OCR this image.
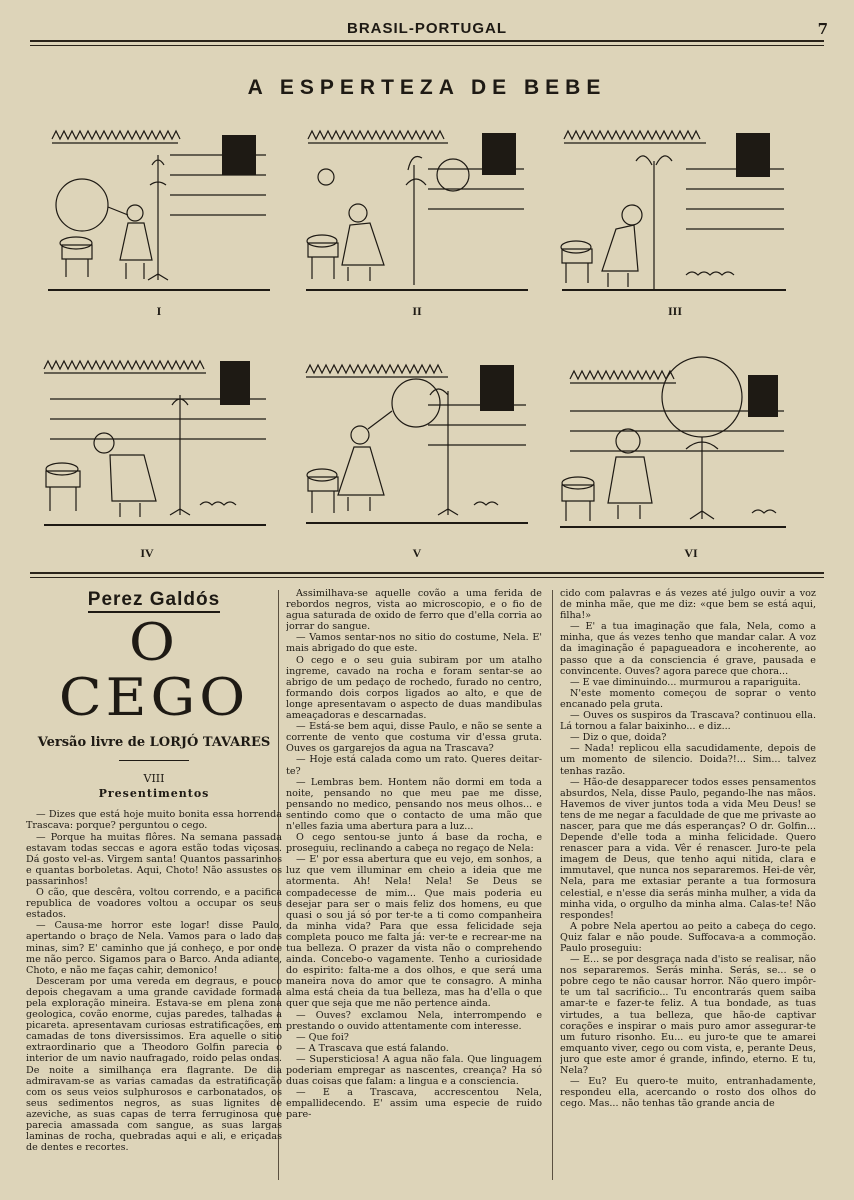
BRASIL-PORTUGAL	7
A ESPERTEZA DE BEBE
I	II	III
IV	V	VI
Perez Galdós
O CEGO
Versão livre de LORJÓ TAVARES
VIII
Presentimentos

— Dizes que está hoje muito bonita essa horrenda Trascava: porque? perguntou o cego.

— Porque ha muitas flôres. Na semana passada estavam todas seccas e agora estão todas viçosas. Dá gosto vel-as. Virgem santa! Quantos passarinhos e quantas borboletas. Aqui, Choto! Não assustes os passarinhos!

O cão, que descêra, voltou correndo, e a pacifica republica de voadores voltou a occupar os seus estados.

— Causa-me horror este logar! disse Paulo, apertando o braço de Nela. Vamos para o lado das minas, sim? E' caminho que já conheço, e por onde me não perco. Sigamos para o Barco. Anda adiante, Choto, e não me faças cahir, demonico!

Desceram por uma vereda em degraus, e pouco depois chegavam a uma grande cavidade formada pela exploração mineira. Estava-se em plena zona geologica, covão enorme, cujas paredes, talhadas a picareta. apresentavam curiosas estratificações, em camadas de tons diversissimos. Era aquelle o sitio extraordinario que a Theodoro Golfin parecia o interior de um navio naufragado, roido pelas ondas. De noite a similhança era flagrante. De dia admiravam-se as varias camadas da estratificação com os seus veios sulphurosos e carbonatados, os seus sedimentos negros, as suas lignites de azeviche, as suas capas de terra ferruginosa que parecia amassada com sangue, as suas largas laminas de rocha, quebradas aqui e ali, e eriçadas de dentes e recortes.

Assimilhava-se aquelle covão a uma ferida de rebordos negros, vista ao microscopio, e o fio de agua saturada de oxido de ferro que d'ella corria ao jorrar do sangue.

— Vamos sentar-nos no sitio do costume, Nela. E' mais abrigado do que este.

O cego e o seu guia subiram por um atalho ingreme, cavado na rocha e foram sentar-se ao abrigo de um pedaço de rochedo, furado no centro, formando dois corpos ligados ao alto, e que de longe apresentavam o aspecto de duas mandibulas ameaçadoras e descarnadas.

— Está-se bem aqui, disse Paulo, e não se sente a corrente de vento que costuma vir d'essa gruta. Ouves os gargarejos da agua na Trascava?

— Hoje está calada como um rato. Queres deitar-te?

— Lembras bem. Hontem não dormi em toda a noite, pensando no que meu pae me disse, pensando no medico, pensando nos meus olhos... e sentindo como que o contacto de uma mão que n'elles fazia uma abertura para a luz...

O cego sentou-se junto á base da rocha, e proseguiu, reclinando a cabeça no regaço de Nela:

— E' por essa abertura que eu vejo, em sonhos, a luz que vem illuminar em cheio a ideia que me atormenta. Ah! Nela! Nela! Se Deus se compadecesse de mim... Que mais poderia eu desejar para ser o mais feliz dos homens, eu que quasi o sou já só por ter-te a ti como companheira da minha vida? Para que essa felicidade seja completa pouco me falta já: ver-te e recrear-me na tua belleza. O prazer da vista não o comprehendo ainda. Concebo-o vagamente. Tenho a curiosidade do espirito: falta-me a dos olhos, e que será uma maneira nova do amor que te consagro. A minha alma está cheia da tua belleza, mas ha d'ella o que quer que seja que me não pertence ainda.

— Ouves? exclamou Nela, interrompendo e prestando o ouvido attentamente com interesse.

— Que foi?

— A Trascava que está falando.

— Supersticiosa! A agua não fala. Que linguagem poderiam empregar as nascentes, creança? Ha só duas coisas que falam: a lingua e a consciencia.

— E a Trascava, accrescentou Nela, empallidecendo. E' assim uma especie de ruido pare-

cido com palavras e ás vezes até julgo ouvir a voz de minha mãe, que me diz: «que bem se está aqui, filha!»

— E' a tua imaginação que fala, Nela, como a minha, que ás vezes tenho que mandar calar. A voz da imaginação é papagueadora e incoherente, ao passo que a da consciencia é grave, pausada e convincente. Ouves? agora parece que chora...

— E vae diminuindo... murmurou a rapariguita.

N'este momento começou de soprar o vento encanado pela gruta.

— Ouves os suspiros da Trascava? continuou ella. Lá tornou a falar baixinho... e diz...

— Diz o que, doida?

— Nada! replicou ella sacudidamente, depois de um momento de silencio. Doida?!... Sim... talvez tenhas razão.

— Hão-de desapparecer todos esses pensamentos absurdos, Nela, disse Paulo, pegando-lhe nas mãos. Havemos de viver juntos toda a vida Meu Deus! se tens de me negar a faculdade de que me privaste ao nascer, para que me dás esperanças? O dr. Golfin... Depende d'elle toda a minha felicidade. Quero renascer para a vida. Vêr é renascer. Juro-te pela imagem de Deus, que tenho aqui nitida, clara e immutavel, que nunca nos separaremos. Hei-de vêr, Nela, para me extasiar perante a tua formosura celestial, e n'esse dia serás minha mulher, a vida da minha vida, o orgulho da minha alma. Calas-te! Não respondes!

A pobre Nela apertou ao peito a cabeça do cego. Quiz falar e não poude. Suffocava-a a commoção. Paulo proseguiu:

— E... se por desgraça nada d'isto se realisar, não nos separaremos. Serás minha. Serás, se... se o pobre cego te não causar horror. Não quero impôr-te um tal sacrificio... Tu encontrarás quem saiba amar-te e fazer-te feliz. A tua bondade, as tuas virtudes, a tua belleza, que hão-de captivar corações e inspirar o mais puro amor assegurar-te um futuro risonho. Eu... eu juro-te que te amarei emquanto viver, cego ou com vista, e, perante Deus, juro que este amor é grande, infindo, eterno. E tu, Nela?

— Eu? Eu quero-te muito, entranhadamente, respondeu ella, acercando o rosto dos olhos do cego. Mas... não tenhas tão grande ancia de
